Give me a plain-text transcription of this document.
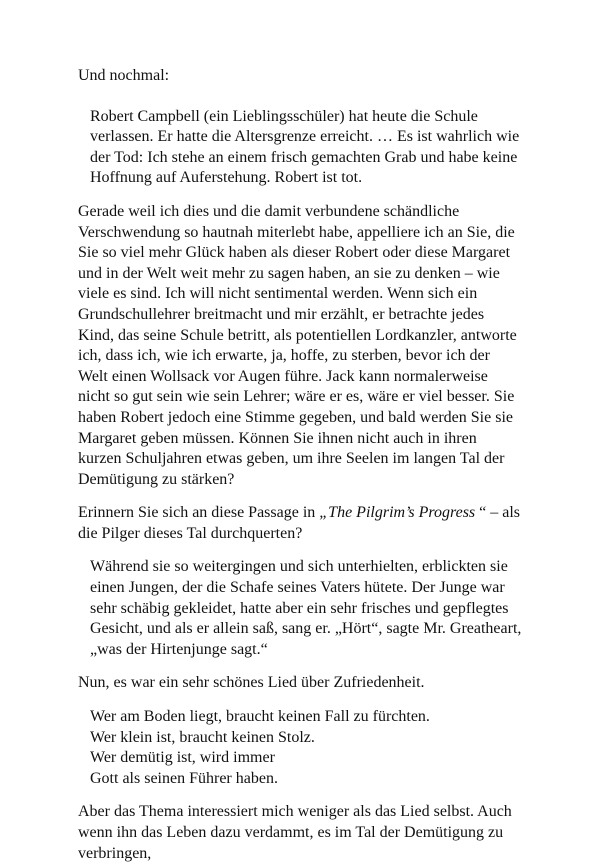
Und nochmal:

Robert Campbell (ein Lieblingsschüler) hat heute die Schule verlassen. Er hatte die Altersgrenze erreicht. … Es ist wahrlich wie der Tod: Ich stehe an einem frisch gemachten Grab und habe keine Hoffnung auf Auferstehung. Robert ist tot.

Gerade weil ich dies und die damit verbundene schändliche Verschwendung so hautnah miterlebt habe, appelliere ich an Sie, die Sie so viel mehr Glück haben als dieser Robert oder diese Margaret und in der Welt weit mehr zu sagen haben, an sie zu denken – wie viele es sind. Ich will nicht sentimental werden. Wenn sich ein Grundschullehrer breitmacht und mir erzählt, er betrachte jedes Kind, das seine Schule betritt, als potentiellen Lordkanzler, antworte ich, dass ich, wie ich erwarte, ja, hoffe, zu sterben, bevor ich der Welt einen Wollsack vor Augen führe. Jack kann normalerweise nicht so gut sein wie sein Lehrer; wäre er es, wäre er viel besser. Sie haben Robert jedoch eine Stimme gegeben, und bald werden Sie sie Margaret geben müssen. Können Sie ihnen nicht auch in ihren kurzen Schuljahren etwas geben, um ihre Seelen im langen Tal der Demütigung zu stärken?

Erinnern Sie sich an diese Passage in „The Pilgrim’s Progress “ – als die Pilger dieses Tal durchquerten?

Während sie so weitergingen und sich unterhielten, erblickten sie einen Jungen, der die Schafe seines Vaters hütete. Der Junge war sehr schäbig gekleidet, hatte aber ein sehr frisches und gepflegtes Gesicht, und als er allein saß, sang er. „Hört“, sagte Mr. Greatheart, „was der Hirtenjunge sagt.“

Nun, es war ein sehr schönes Lied über Zufriedenheit.

Wer am Boden liegt, braucht keinen Fall zu fürchten.
Wer klein ist, braucht keinen Stolz.
Wer demütig ist, wird immer
Gott als seinen Führer haben.

Aber das Thema interessiert mich weniger als das Lied selbst. Auch wenn ihn das Leben dazu verdammt, es im Tal der Demütigung zu verbringen,
